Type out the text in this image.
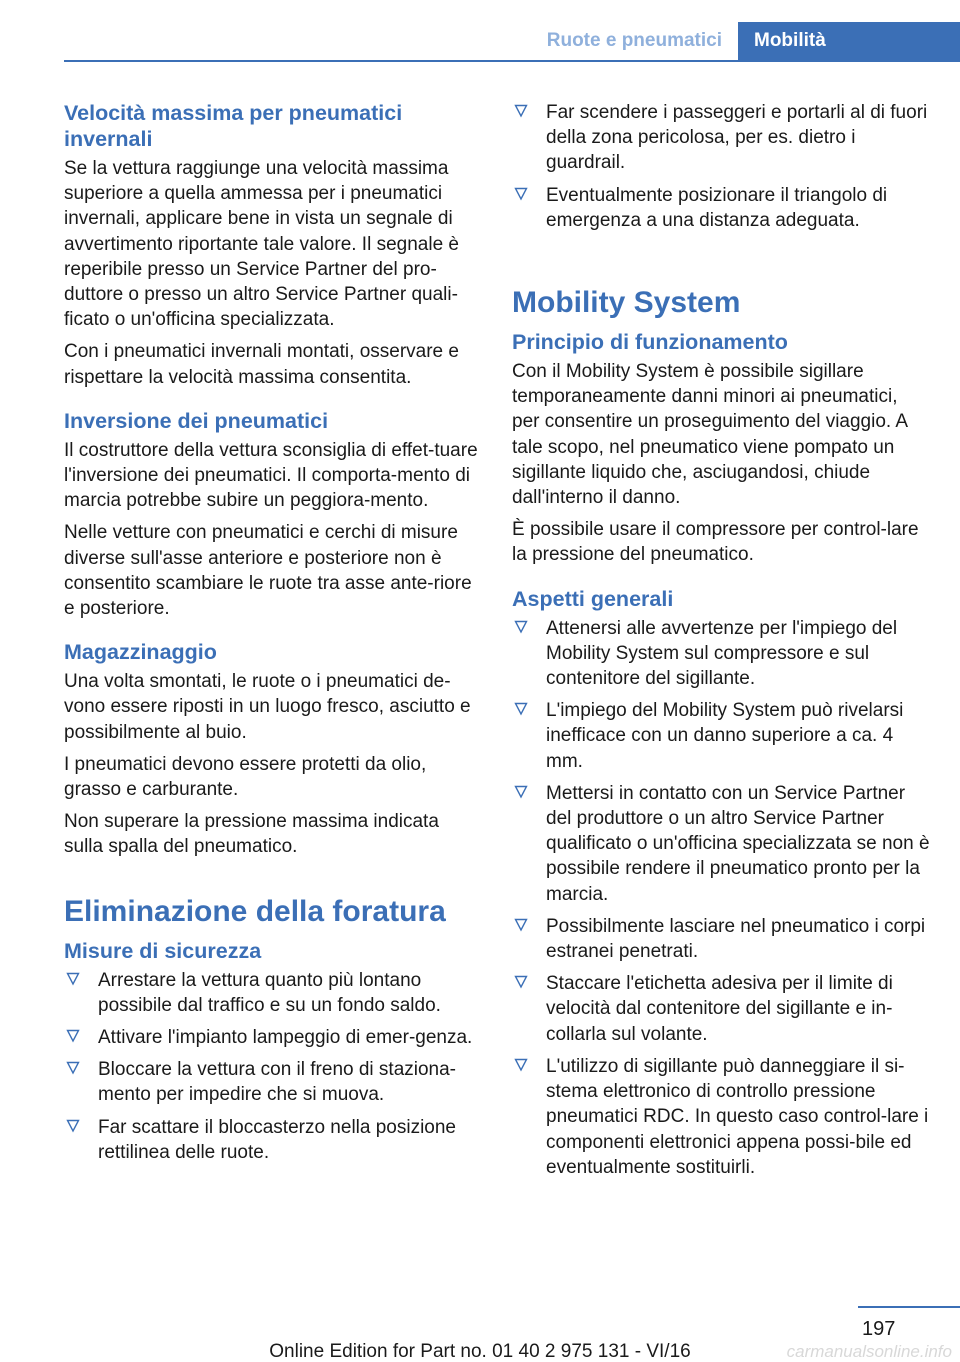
Ruote e pneumatici	Mobilità
Velocità massima per pneumatici invernali

Se la vettura raggiunge una velocità massima superiore a quella ammessa per i pneumatici invernali, applicare bene in vista un segnale di avvertimento riportante tale valore. Il segnale è reperibile presso un Service Partner del pro-duttore o presso un altro Service Partner quali-ficato o un'officina specializzata.

Con i pneumatici invernali montati, osservare e rispettare la velocità massima consentita.

Inversione dei pneumatici

Il costruttore della vettura sconsiglia di effet-tuare l'inversione dei pneumatici. Il comporta-mento di marcia potrebbe subire un peggiora-mento.

Nelle vetture con pneumatici e cerchi di misure diverse sull'asse anteriore e posteriore non è consentito scambiare le ruote tra asse ante-riore e posteriore.

Magazzinaggio

Una volta smontati, le ruote o i pneumatici de-vono essere riposti in un luogo fresco, asciutto e possibilmente al buio.

I pneumatici devono essere protetti da olio, grasso e carburante.

Non superare la pressione massima indicata sulla spalla del pneumatico.

Eliminazione della foratura
Misure di sicurezza
Arrestare la vettura quanto più lontano possibile dal traffico e su un fondo saldo.
Attivare l'impianto lampeggio di emer-genza.
Bloccare la vettura con il freno di staziona-mento per impedire che si muova.
Far scattare il bloccasterzo nella posizione rettilinea delle ruote.
Far scendere i passeggeri e portarli al di fuori della zona pericolosa, per es. dietro i guardrail.
Eventualmente posizionare il triangolo di emergenza a una distanza adeguata.
Mobility System
Principio di funzionamento

Con il Mobility System è possibile sigillare temporaneamente danni minori ai pneumatici, per consentire un proseguimento del viaggio. A tale scopo, nel pneumatico viene pompato un sigillante liquido che, asciugandosi, chiude dall'interno il danno.

È possibile usare il compressore per control-lare la pressione del pneumatico.

Aspetti generali
Attenersi alle avvertenze per l'impiego del Mobility System sul compressore e sul contenitore del sigillante.
L'impiego del Mobility System può rivelarsi inefficace con un danno superiore a ca. 4 mm.
Mettersi in contatto con un Service Partner del produttore o un altro Service Partner qualificato o un'officina specializzata se non è possibile rendere il pneumatico pronto per la marcia.
Possibilmente lasciare nel pneumatico i corpi estranei penetrati.
Staccare l'etichetta adesiva per il limite di velocità dal contenitore del sigillante e in-collarla sul volante.
L'utilizzo di sigillante può danneggiare il si-stema elettronico di controllo pressione pneumatici RDC. In questo caso control-lare i componenti elettronici appena possi-bile ed eventualmente sostituirli.
197
Online Edition for Part no. 01 40 2 975 131 - VI/16	carmanualsonline.info
